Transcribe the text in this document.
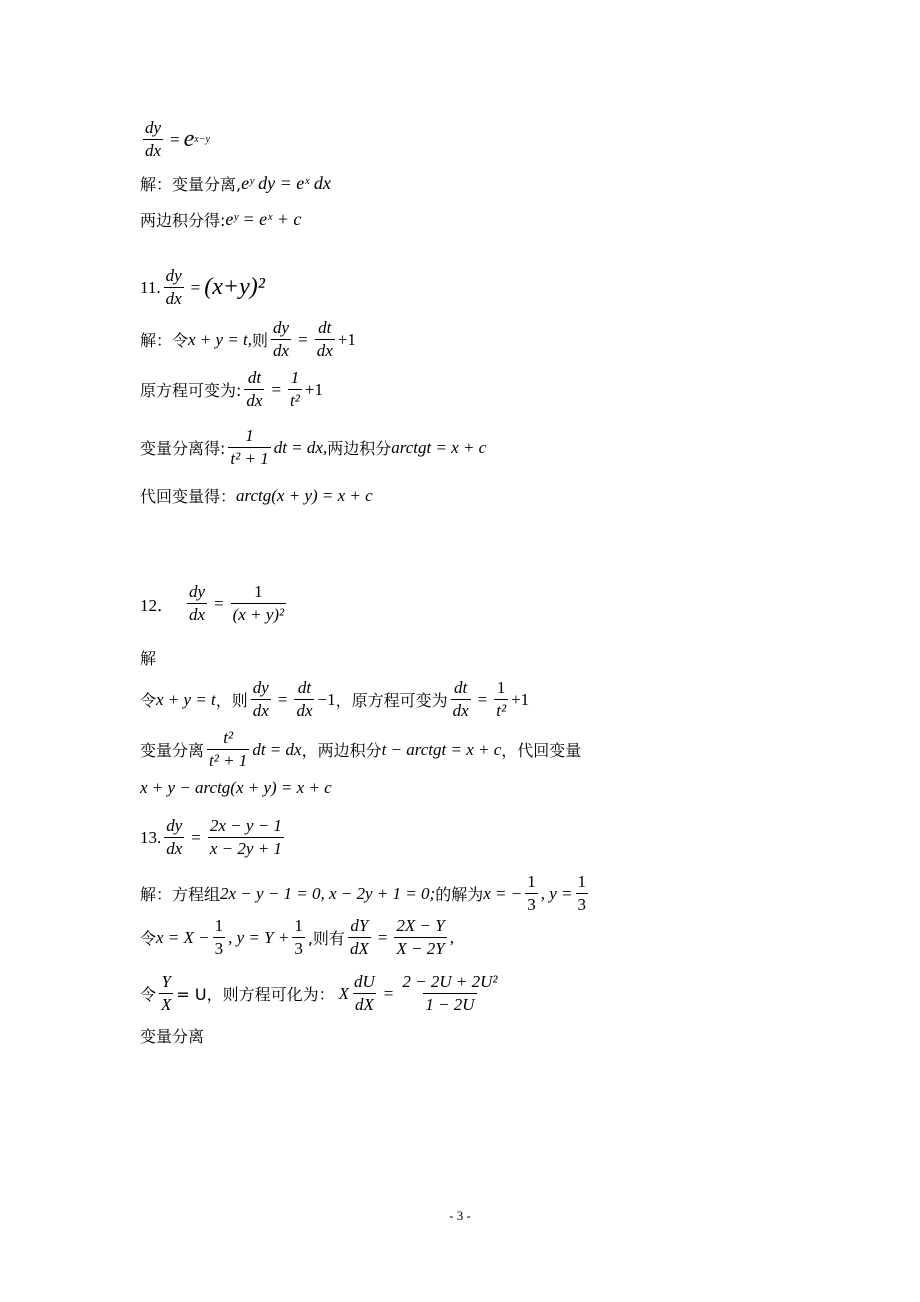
$\frac{dy}{dx} = e$ x−y
解：变量分离, eʸ dy = eˣ dx
两边积分得: eʸ = eˣ + c
11. $\frac{dy}{dx} = (x+y)^2$
解：令 x + y = t, 则 $\frac{dy}{dx} = \frac{dt}{dx} +1$
原方程可变为: $\frac{dt}{dx} = \frac{1}{\text{t²}} +1$
变量分离得: $\frac{1}{\text{t² + 1}}$ dt = dx, 两边积分 arctgt = x + c
代回变量得： arctg(x + y) = x + c
12． $\frac{dy}{dx} = \frac{1}{\text{(x + y)²}}$
解
令 x + y = t ，则 $\frac{dy}{dx} = \frac{dt}{dx} -1$ ，原方程可变为 $\frac{dt}{dx} = \frac{1}{\text{t²}} +1$
变量分离 $\frac{\text{t²}}{\text{t² + 1}}$ dt = dx ，两边积分 t − arctgt = x + c ，代回变量
x + y − arctg(x + y) = x + c
13. $\frac{dy}{dx} = \frac{2x - y - 1}{x - 2y + 1}$
解：方程组 2x − y − 1 = 0, x − 2y + 1 = 0; 的解为 x = − $\frac{1}{3}$ , $y = \frac{1}{3}$
令 $x = X - \frac{1}{3}$ , $y = Y + \frac{1}{3}$ ,则有 $\frac{dY}{dX} = \frac{2X - Y}{X - 2Y}$ ,
令 $\frac{Y}{X} = U$，则方程可化为： X $\frac{dU}{dX} = \frac{\text{2 − 2U + 2U²}}{1 - 2U}$
变量分离
- 3 -
